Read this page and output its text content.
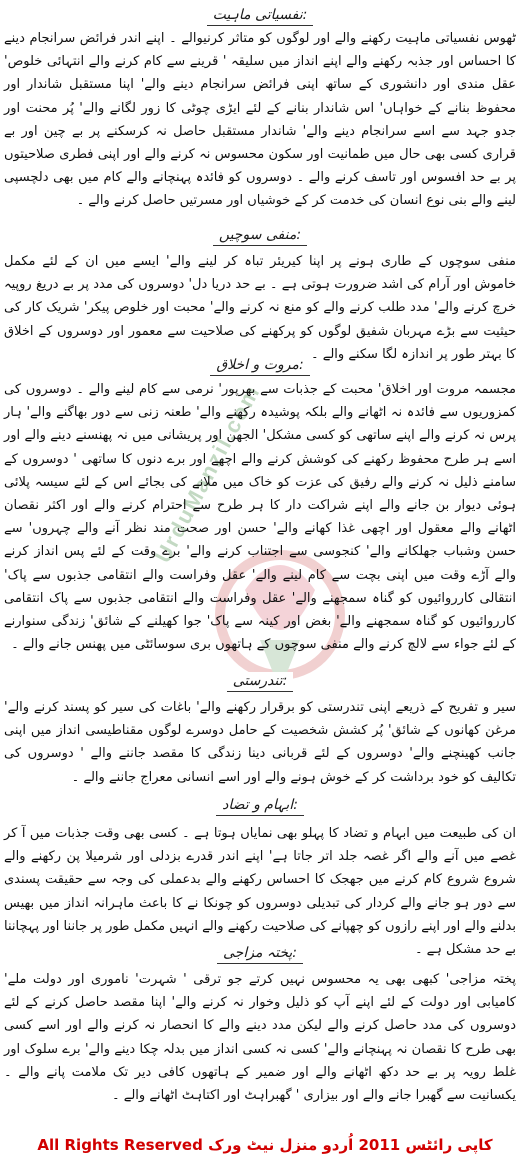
UrduManzil.com
نفسیاتی ماہیت:
ٹھوس نفسیاتی ماہیت رکھنے والے اور لوگوں کو متاثر کرنیوالے ۔ اپنے اندر فرائض سرانجام دینے کا احساس اور جذبہ رکھنے والے اپنے انداز میں سلیقہ ' قرینے سے کام کرنے والے انتہائی خلوص' عقل مندی اور دانشوری کے ساتھ اپنی فرائض سرانجام دینے والے' اپنا مستقبل شاندار اور محفوظ بنانے کے خواہاں' اس شاندار بنانے کے لئے ایڑی چوٹی کا زور لگانے والے' پُر محنت اور جدو جہد سے اسے سرانجام دینے والے' شاندار مستقبل حاصل نہ کرسکنے پر بے چین اور بے قراری کسی بھی حال میں طمانیت اور سکون محسوس نہ کرنے والے اور اپنی فطری صلاحیتوں پر بے حد افسوس اور تاسف کرنے والے ۔ دوسروں کو فائدہ پہنچانے والے کام میں بھی دلچسپی لینے والے بنی نوع انسان کی خدمت کر کے خوشیاں اور مسرتیں حاصل کرنے والے ۔
منفی سوچیں:
منفی سوچوں کے طاری ہونے پر اپنا کیریئر تباہ کر لینے والے' ایسے میں ان کے لئے مکمل خاموش اور آرام کی اشد ضرورت ہوتی ہے ۔ بے حد دریا دل' دوسروں کی مدد پر بے دریغ روپیہ خرچ کرنے والے' مدد طلب کرنے والے کو منع نہ کرنے والے' محبت اور خلوص پیکر' شریک کار کی حیثیت سے بڑے مہربان شفیق لوگوں کو پرکھنے کی صلاحیت سے معمور اور دوسروں کے اخلاق کا بہتر طور پر اندازہ لگا سکنے والے ۔
مروت و اخلاق:
مجسمہ مروت اور اخلاق' محبت کے جذبات سے بھرپور' نرمی سے کام لینے والے ۔ دوسروں کی کمزوریوں سے فائدہ نہ اٹھانے والے بلکہ پوشیدہ رکھنے والے' طعنہ زنی سے دور بھاگنے والے' ہار پرس نہ کرنے والے اپنے ساتھی کو کسی مشکل' الجھن اور پریشانی میں نہ پھنسنے دینے والے اور اسے ہر طرح محفوظ رکھنے کی کوشش کرنے والے اچھے اور برے دنوں کا ساتھی ' دوسروں کے سامنے ذلیل نہ کرنے والے رفیق کی عزت کو خاک میں ملانے کی بجائے اس کے لئے سیسہ پلائی ہوئی دیوار بن جانے والے اپنے شراکت دار کا ہر طرح سے احترام کرنے والے اور اکثر نقصان اٹھانے والے معقول اور اچھی غذا کھانے والے' حسن اور صحت مند نظر آنے والے چہروں' سے حسن وشباب جھلکانے والے' کنجوسی سے اجتناب کرنے والے' برے وقت کے لئے پس انداز کرنے والے آڑے وقت میں اپنی بچت سے کام لینے والے' عقل وفراست والے انتقامی جذبوں سے پاک' انتقالی کارروائیوں کو گناہ سمجھنے والے' عقل وفراست والے انتقامی جذبوں سے پاک انتقامی کارروائیوں کو گناہ سمجھنے والے' بغض اور کینہ سے پاک' جوا کھیلنے کے شائق' زندگی سنوارنے کے لئے جواء سے لالچ کرنے والے منفی سوچوں کے ہاتھوں بری سوسائٹی میں پھنس جانے والے ۔
تندرستی:
سیر و تفریح کے ذریعے اپنی تندرستی کو برقرار رکھنے والے' باغات کی سیر کو پسند کرنے والے' مرغن کھانوں کے شائق' پُر کشش شخصیت کے حامل دوسرے لوگوں مقناطیسی انداز میں اپنی جانب کھینچنے والے' دوسروں کے لئے قربانی دینا زندگی کا مقصد جاننے والے ' دوسروں کی تکالیف کو خود برداشت کر کے خوش ہونے والے اور اسے انسانی معراج جاننے والے ۔
ابہام و تضاد:
ان کی طبیعت میں ابہام و تضاد کا پہلو بھی نمایاں ہوتا ہے ۔ کسی بھی وقت جذبات میں آ کر غصے میں آنے والے اگر غصہ جلد اتر جاتا ہے' اپنے اندر قدرے بزدلی اور شرمیلا پن رکھنے والے شروع شروع کام کرنے میں جھجک کا احساس رکھنے والے بدعملی کی وجہ سے حقیقت پسندی سے دور ہو جانے والے کردار کی تبدیلی دوسروں کو چونکا نے کا باعث ماہرانہ انداز میں بھیس بدلنے والے اور اپنے رازوں کو چھپانے کی صلاحیت رکھنے والے انہیں مکمل طور پر جاننا اور پہچاننا بے حد مشکل ہے ۔
پختہ مزاجی:
پختہ مزاجی' کبھی بھی یہ محسوس نہیں کرتے جو ترقی ' شہرت' ناموری اور دولت ملے' کامیابی اور دولت کے لئے اپنے آپ کو ذلیل وخوار نہ کرنے والے' اپنا مقصد حاصل کرنے کے لئے دوسروں کی مدد حاصل کرنے والے لیکن مدد دینے والے کا انحصار نہ کرنے والے اور اسے کسی بھی طرح کا نقصان نہ پہنچانے والے' کسی نہ کسی انداز میں بدلہ چکا دینے والے' برے سلوک اور غلط رویہ پر بے حد دکھ اٹھانے والے اور ضمیر کے ہاتھوں کافی دیر تک ملامت پانے والے ۔ یکسانیت سے گھبرا جانے والے اور بیزاری ' گھبراہٹ اور اکتاہٹ اٹھانے والے ۔
کاپی رائٹس 2011 اُردو منزل نیٹ ورک All Rights Reserved
